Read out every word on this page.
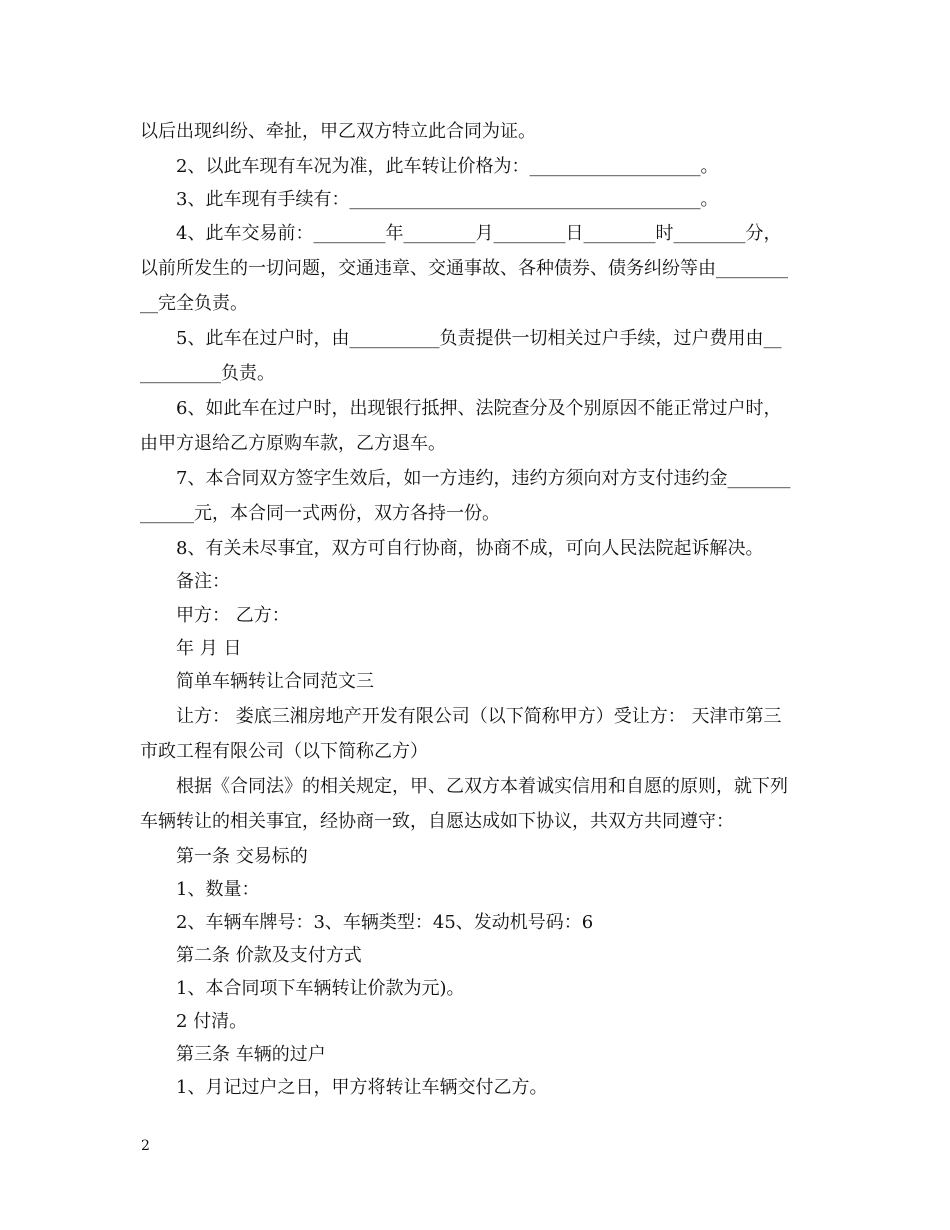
以后出现纠纷、牵扯，甲乙双方特立此合同为证。
2、以此车现有车况为准，此车转让价格为：___________________。
3、此车现有手续有：_______________________________________。
4、此车交易前：________年________月________日________时________分，
以前所发生的一切问题，交通违章、交通事故、各种债券、债务纠纷等由________
__完全负责。
5、此车在过户时，由__________负责提供一切相关过户手续，过户费用由__
_________负责。
6、如此车在过户时，出现银行抵押、法院查分及个别原因不能正常过户时，
由甲方退给乙方原购车款，乙方退车。
7、本合同双方签字生效后，如一方违约，违约方须向对方支付违约金_______
______元，本合同一式两份，双方各持一份。
8、有关未尽事宜，双方可自行协商，协商不成，可向人民法院起诉解决。
备注：
甲方： 乙方：
年 月 日
简单车辆转让合同范文三
让方： 娄底三湘房地产开发有限公司（以下简称甲方）受让方： 天津市第三
市政工程有限公司（以下简称乙方）
根据《合同法》的相关规定，甲、乙双方本着诚实信用和自愿的原则，就下列
车辆转让的相关事宜，经协商一致，自愿达成如下协议，共双方共同遵守：
第一条 交易标的
1、数量：
2、车辆车牌号：3、车辆类型：45、发动机号码：6
第二条 价款及支付方式
1、本合同项下车辆转让价款为元)。
2 付清。
第三条 车辆的过户
1、月记过户之日，甲方将转让车辆交付乙方。
2
